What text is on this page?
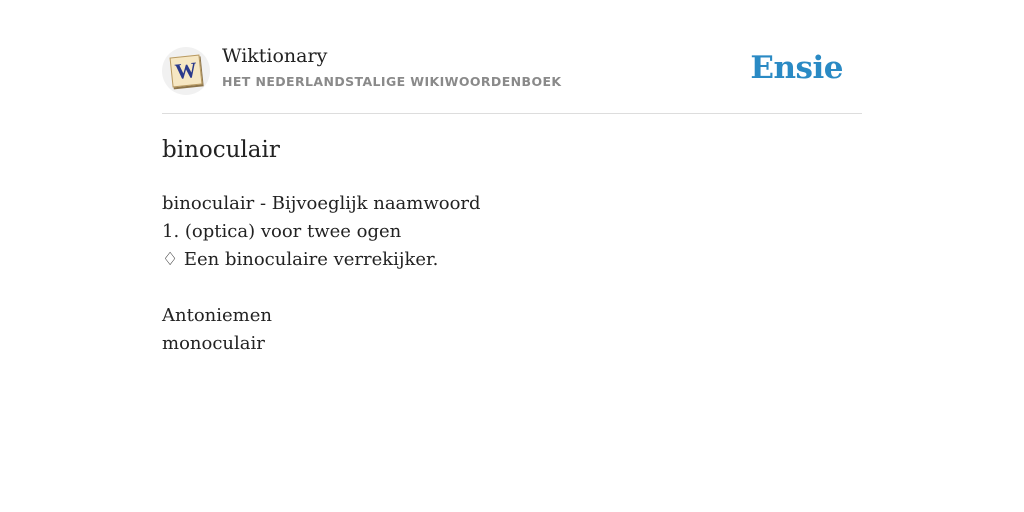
W
Wiktionary
HET NEDERLANDSTALIGE WIKIWOORDENBOEK	Ensie
binoculair
binoculair - Bijvoeglijk naamwoord
1. (optica) voor twee ogen
♢ Een binoculaire verrekijker.
Antoniemen
monoculair
